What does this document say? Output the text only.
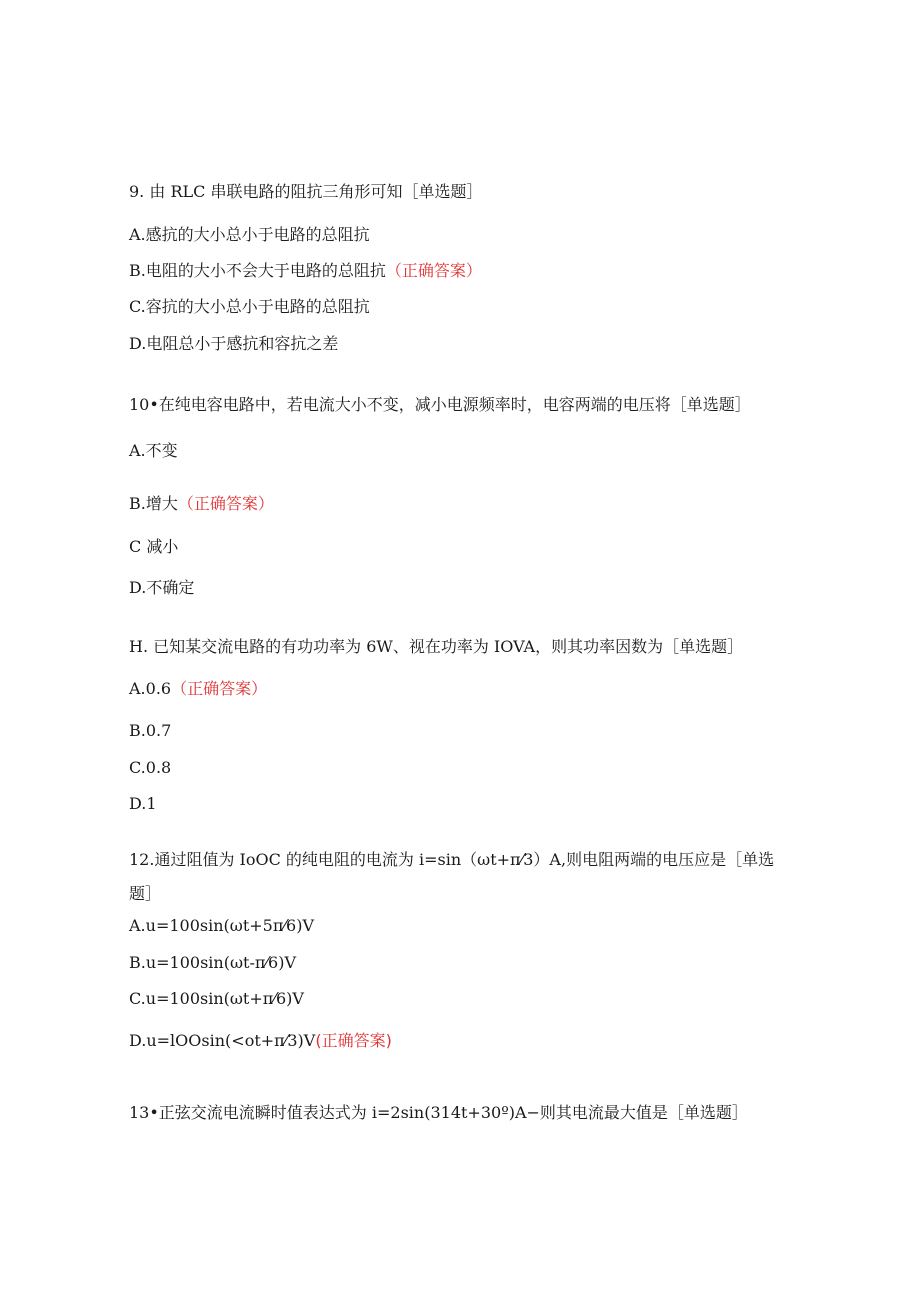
9. 由 RLC 串联电路的阻抗三角形可知［单选题］
A.感抗的大小总小于电路的总阻抗
B.电阻的大小不会大于电路的总阻抗（正确答案）
C.容抗的大小总小于电路的总阻抗
D.电阻总小于感抗和容抗之差
10•在纯电容电路中，若电流大小不变，减小电源频率时，电容两端的电压将［单选题］
A.不变
B.增大（正确答案）
C 减小
D.不确定
H. 已知某交流电路的有功功率为 6W、视在功率为 IOVA，则其功率因数为［单选题］
A.0.6（正确答案）
B.0.7
C.0.8
D.1
12.通过阻值为 IoOC 的纯电阻的电流为 i=sin（ωt+π⁄3）A,则电阻两端的电压应是［单选
题］
A.u=100sin(ωt+5π⁄6)V
B.u=100sin(ωt-π⁄6)V
C.u=100sin(ωt+π⁄6)V
D.u=lOOsin(<ot+π⁄3)V(正确答案)
13•正弦交流电流瞬时值表达式为 i=2sin(314t+30º)A−则其电流最大值是［单选题］
